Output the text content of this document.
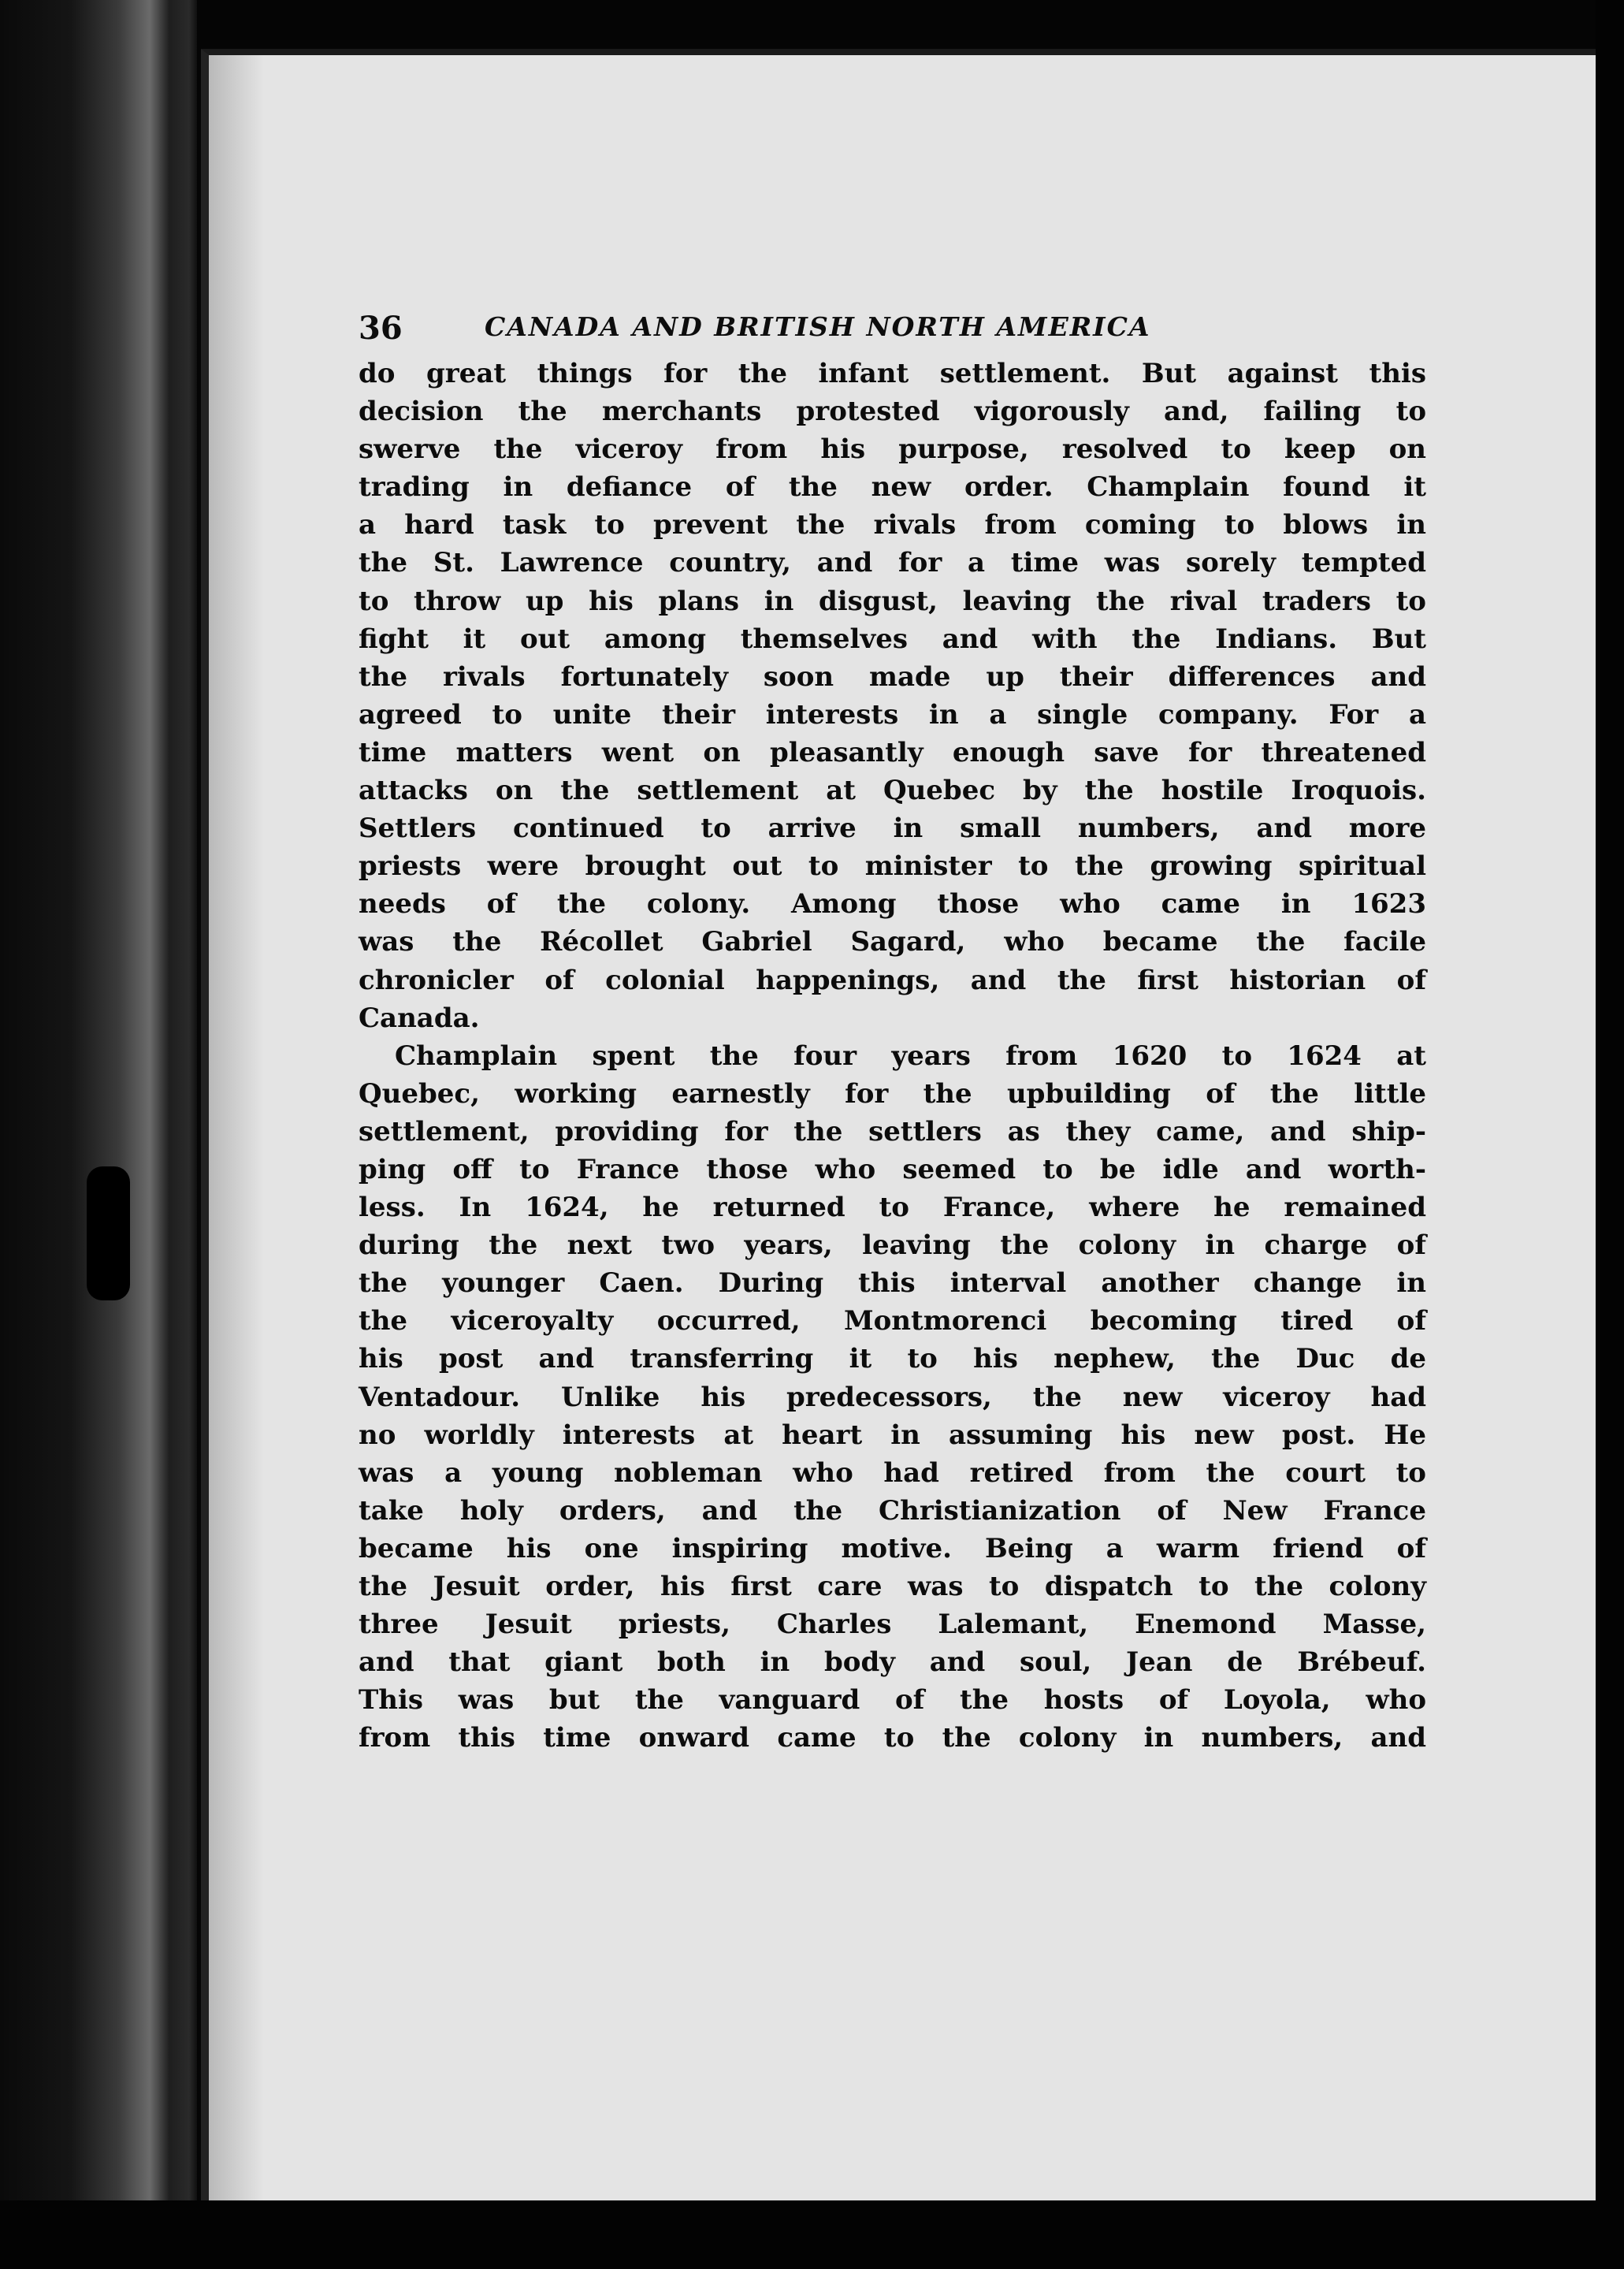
36	CANADA AND BRITISH NORTH AMERICA
do great things for the infant settlement. But against this
decision the merchants protested vigorously and, failing to
swerve the viceroy from his purpose, resolved to keep on
trading in defiance of the new order. Champlain found it
a hard task to prevent the rivals from coming to blows in
the St. Lawrence country, and for a time was sorely tempted
to throw up his plans in disgust, leaving the rival traders to
fight it out among themselves and with the Indians. But
the rivals fortunately soon made up their differences and
agreed to unite their interests in a single company. For a
time matters went on pleasantly enough save for threatened
attacks on the settlement at Quebec by the hostile Iroquois.
Settlers continued to arrive in small numbers, and more
priests were brought out to minister to the growing spiritual
needs of the colony. Among those who came in 1623
was the Récollet Gabriel Sagard, who became the facile
chronicler of colonial happenings, and the first historian of
Canada.
Champlain spent the four years from 1620 to 1624 at
Quebec, working earnestly for the upbuilding of the little
settlement, providing for the settlers as they came, and ship-
ping off to France those who seemed to be idle and worth-
less. In 1624, he returned to France, where he remained
during the next two years, leaving the colony in charge of
the younger Caen. During this interval another change in
the viceroyalty occurred, Montmorenci becoming tired of
his post and transferring it to his nephew, the Duc de
Ventadour. Unlike his predecessors, the new viceroy had
no worldly interests at heart in assuming his new post. He
was a young nobleman who had retired from the court to
take holy orders, and the Christianization of New France
became his one inspiring motive. Being a warm friend of
the Jesuit order, his first care was to dispatch to the colony
three Jesuit priests, Charles Lalemant, Enemond Masse,
and that giant both in body and soul, Jean de Brébeuf.
This was but the vanguard of the hosts of Loyola, who
from this time onward came to the colony in numbers, and
